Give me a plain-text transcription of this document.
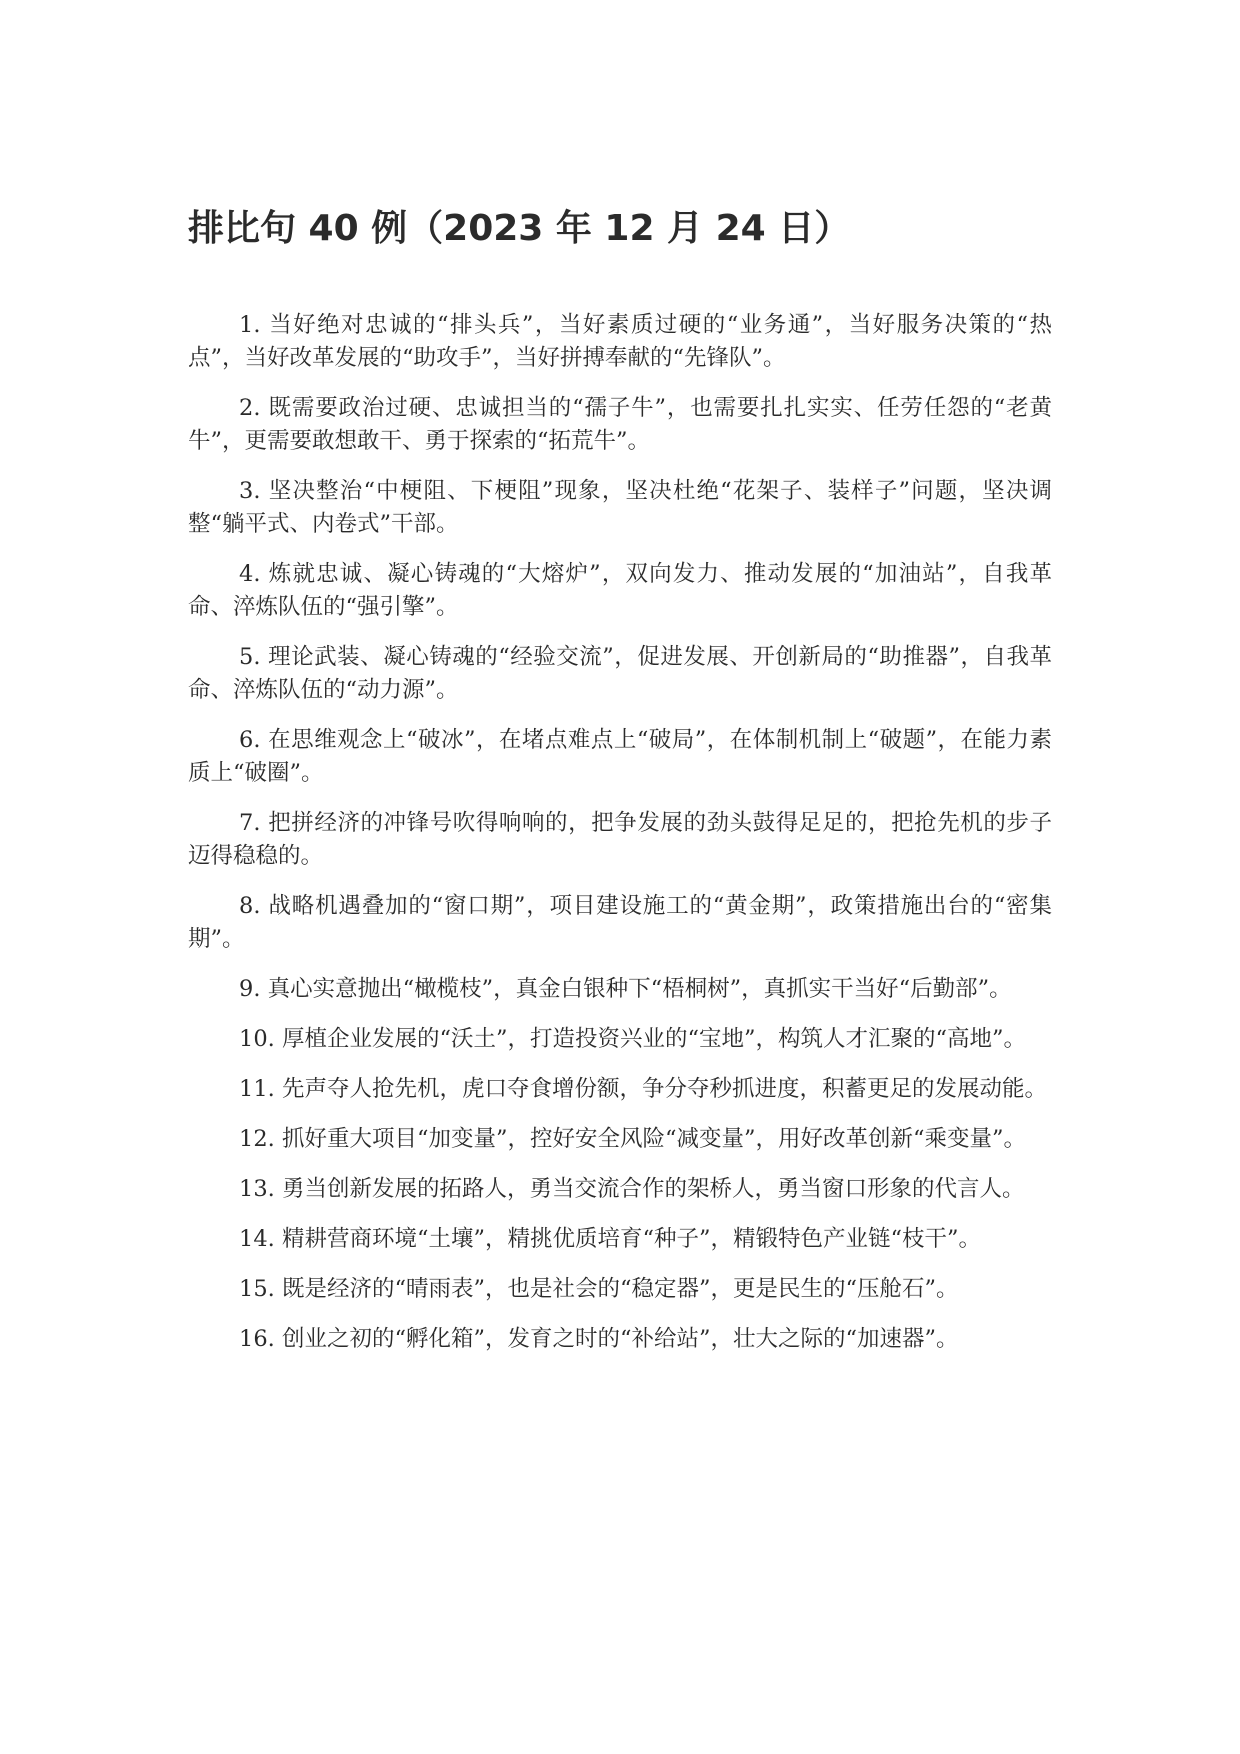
排比句 40 例（2023 年 12 月 24 日）

1. 当好绝对忠诚的“排头兵”，当好素质过硬的“业务通”，当好服务决策的“热点”，当好改革发展的“助攻手”，当好拼搏奉献的“先锋队”。

2. 既需要政治过硬、忠诚担当的“孺子牛”，也需要扎扎实实、任劳任怨的“老黄牛”，更需要敢想敢干、勇于探索的“拓荒牛”。

3. 坚决整治“中梗阻、下梗阻”现象，坚决杜绝“花架子、装样子”问题，坚决调整“躺平式、内卷式”干部。

4. 炼就忠诚、凝心铸魂的“大熔炉”，双向发力、推动发展的“加油站”，自我革命、淬炼队伍的“强引擎”。

5. 理论武装、凝心铸魂的“经验交流”，促进发展、开创新局的“助推器”，自我革命、淬炼队伍的“动力源”。

6. 在思维观念上“破冰”，在堵点难点上“破局”，在体制机制上“破题”，在能力素质上“破圈”。

7. 把拼经济的冲锋号吹得响响的，把争发展的劲头鼓得足足的，把抢先机的步子迈得稳稳的。

8. 战略机遇叠加的“窗口期”，项目建设施工的“黄金期”，政策措施出台的“密集期”。

9. 真心实意抛出“橄榄枝”，真金白银种下“梧桐树”，真抓实干当好“后勤部”。

10. 厚植企业发展的“沃土”，打造投资兴业的“宝地”，构筑人才汇聚的“高地”。

11. 先声夺人抢先机，虎口夺食增份额，争分夺秒抓进度，积蓄更足的发展动能。

12. 抓好重大项目“加变量”，控好安全风险“减变量”，用好改革创新“乘变量”。

13. 勇当创新发展的拓路人，勇当交流合作的架桥人，勇当窗口形象的代言人。

14. 精耕营商环境“土壤”，精挑优质培育“种子”，精锻特色产业链“枝干”。

15. 既是经济的“晴雨表”，也是社会的“稳定器”，更是民生的“压舱石”。

16. 创业之初的“孵化箱”，发育之时的“补给站”，壮大之际的“加速器”。
